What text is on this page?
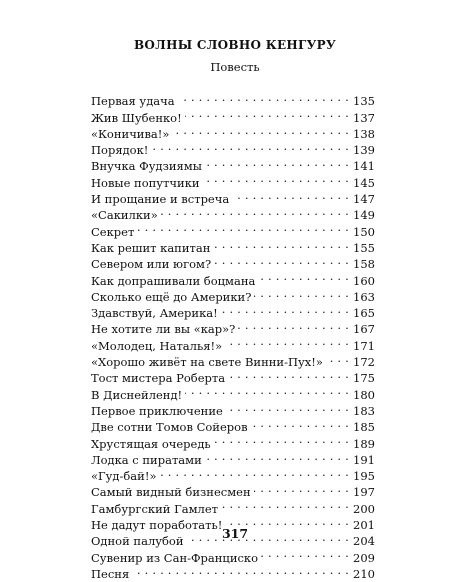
ВОЛНЫ СЛОВНО КЕНГУРУ
Повесть
Первая удача . . .	135
Жив Шубенко! . . .	137
«Коничива!» . . .	138
Порядок! . . .	139
Внучка Фудзиямы . . .	141
Новые попутчики . . .	145
И прощание и встреча . . .	147
«Сакилки» . . .	149
Секрет . . .	150
Как решит капитан . . .	155
Севером или югом? . . .	158
Как допрашивали боцмана . . .	160
Сколько ещё до Америки? . . .	163
Здавствуй, Америка! . . .	165
Не хотите ли вы «кар»? . . .	167
«Молодец, Наталья!» . . .	171
«Хорошо живёт на свете Винни-Пух!» . . .	172
Тост мистера Роберта . . .	175
В Диснейленд! . . .	180
Первое приключение . . .	183
Две сотни Томов Сойеров . . .	185
Хрустящая очередь . . .	189
Лодка с пиратами . . .	191
«Гуд-бай!» . . .	195
Самый видный бизнесмен . . .	197
Гамбургский Гамлет . . .	200
Не дадут поработать! . . .	201
Одной палубой . . .	204
Сувенир из Сан-Франциско . . .	209
Песня . . .	210
317
